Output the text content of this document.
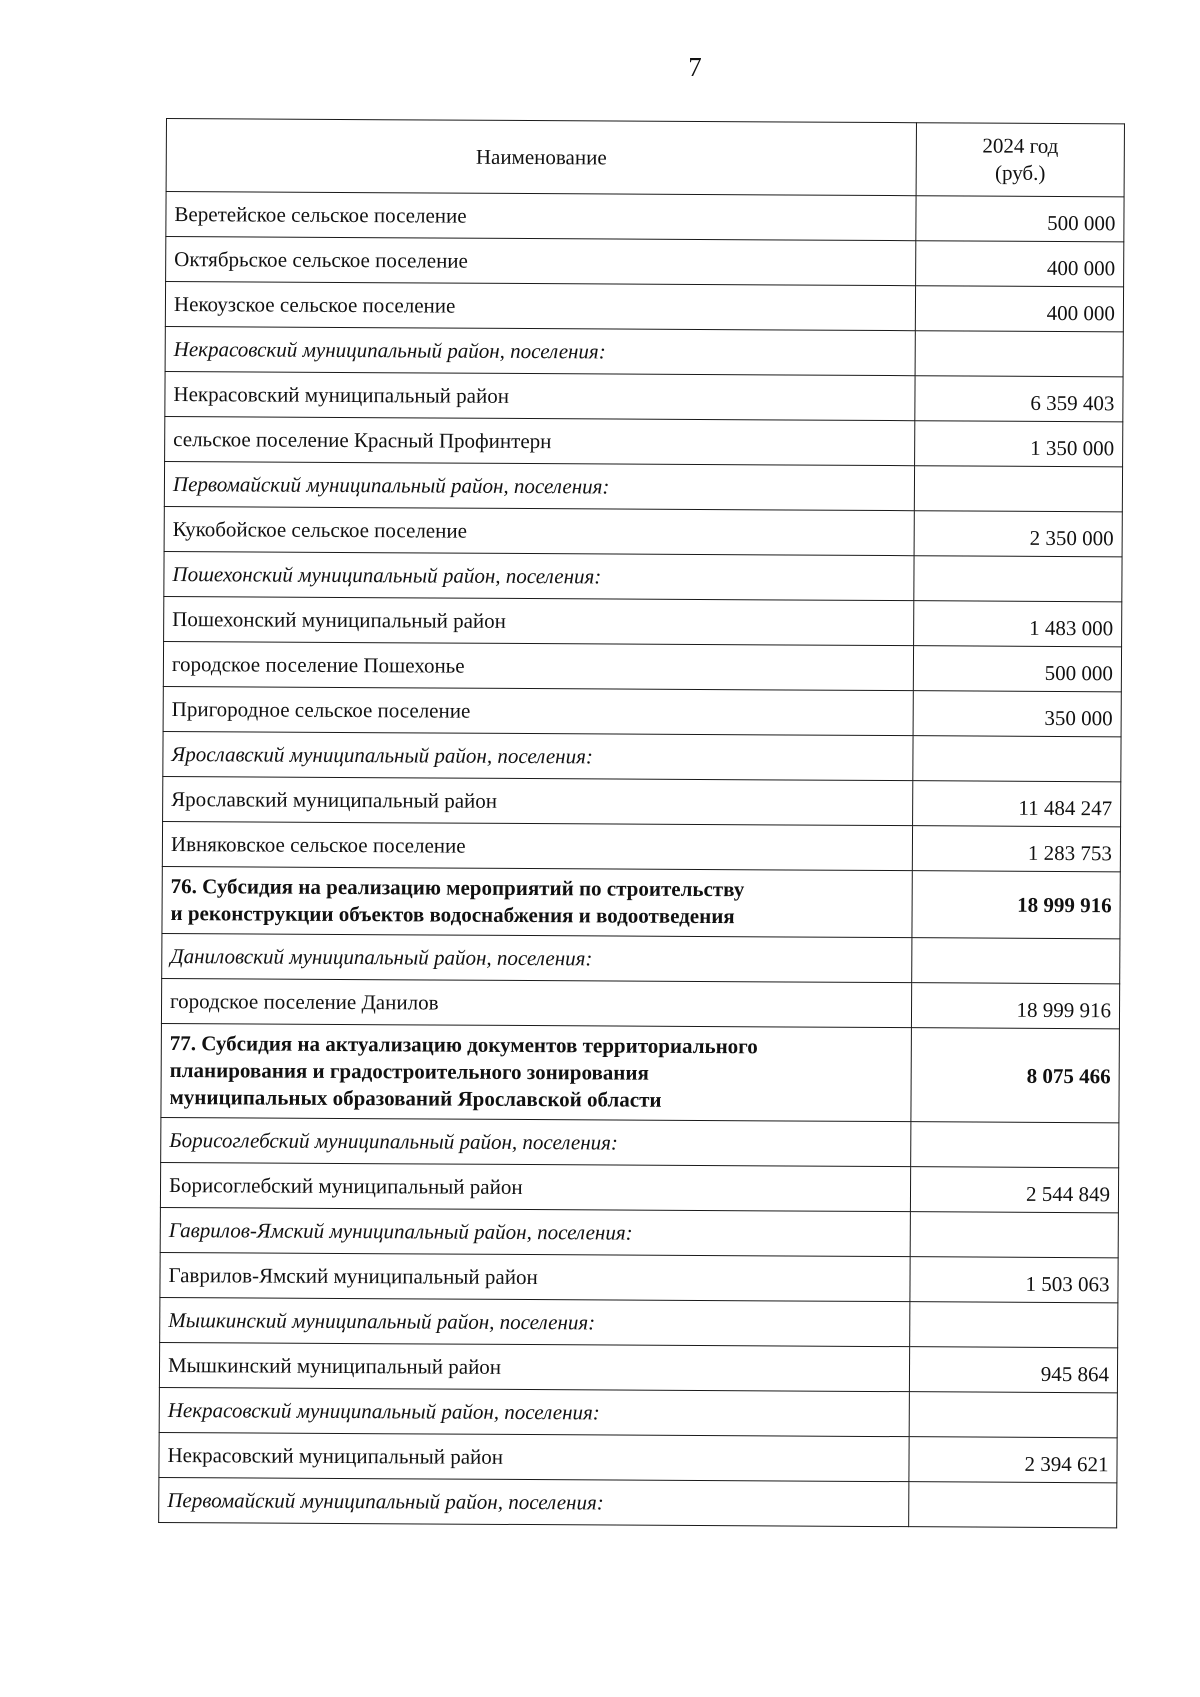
7
Наименование	2024 год
(руб.)

Веретейское сельское поселение	500 000
Октябрьское сельское поселение	400 000
Некоузское сельское поселение	400 000
Некрасовский муниципальный район, поселения:	
Некрасовский муниципальный район	6 359 403
сельское поселение Красный Профинтерн	1 350 000
Первомайский муниципальный район, поселения:	
Кукобойское сельское поселение	2 350 000
Пошехонский муниципальный район, поселения:	
Пошехонский муниципальный район	1 483 000
городское поселение Пошехонье	500 000
Пригородное сельское поселение	350 000
Ярославский муниципальный район, поселения:	
Ярославский муниципальный район	11 484 247
Ивняковское сельское поселение	1 283 753

76. Субсидия на реализацию мероприятий по строительству
и реконструкции объектов водоснабжения и водоотведения	18 999 916
Даниловский муниципальный район, поселения:	
городское поселение Данилов	18 999 916

77. Субсидия на актуализацию документов территориального
планирования и градостроительного зонирования
муниципальных образований Ярославской области	8 075 466
Борисоглебский муниципальный район, поселения:	
Борисоглебский муниципальный район	2 544 849
Гаврилов-Ямский муниципальный район, поселения:	
Гаврилов-Ямский муниципальный район	1 503 063
Мышкинский муниципальный район, поселения:	
Мышкинский муниципальный район	945 864
Некрасовский муниципальный район, поселения:	
Некрасовский муниципальный район	2 394 621
Первомайский муниципальный район, поселения:	
